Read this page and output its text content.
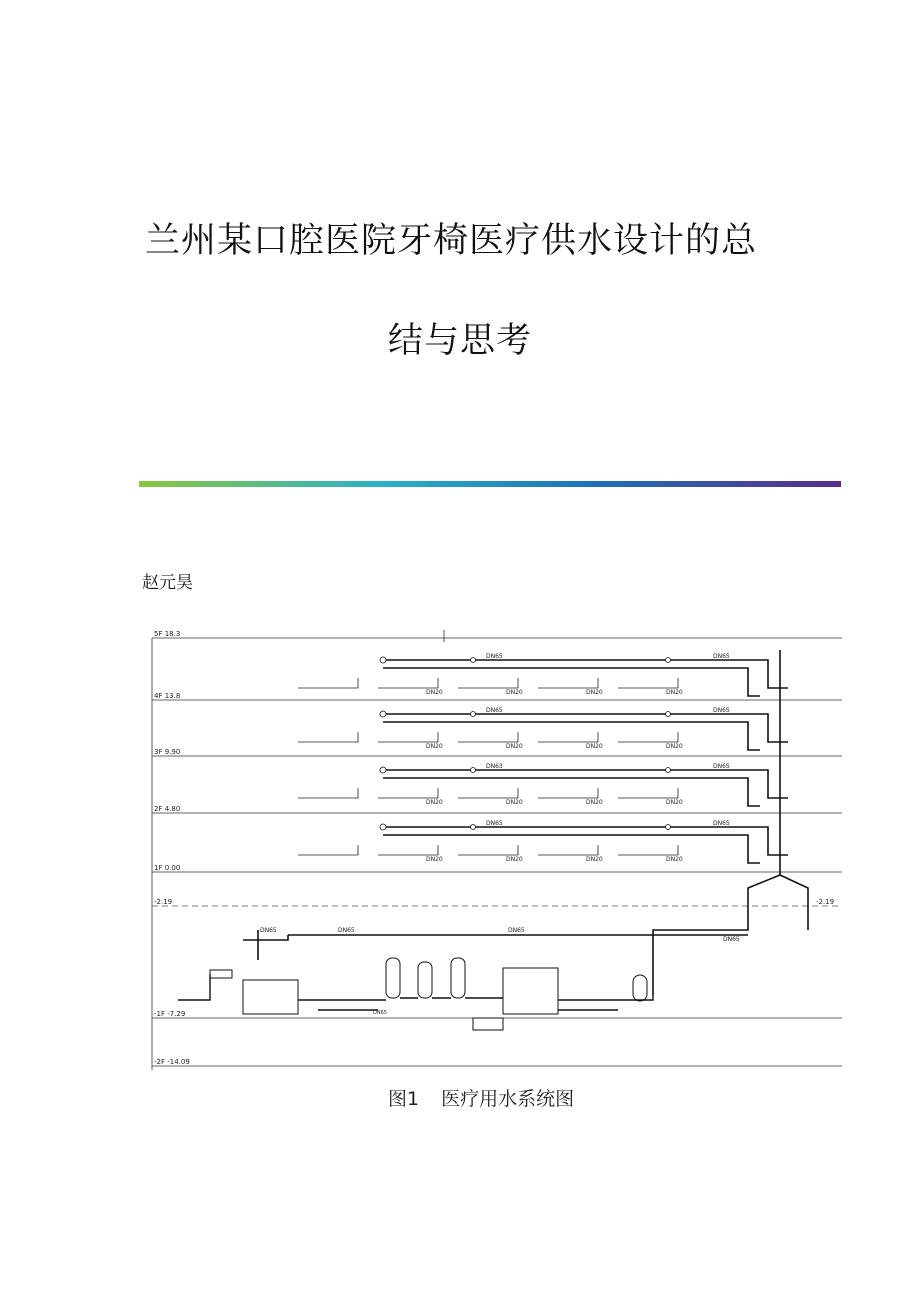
兰州某口腔医院牙椅医疗供水设计的总
结与思考
赵元昊
5F 18.3
4F 13.8
3F 9.90
2F 4.80
1F 0.00
-2.19
-1F -7.29
-2F -14.09
-2.19
DN65	DN65
DN20	DN20	DN20	DN20
DN65	DN65
DN20	DN20	DN20	DN20
DN63	DN65
DN20	DN20	DN20	DN20
DN65	DN65
DN20	DN20	DN20	DN20
DN65	DN65	DN65
DN65
DN65
图1 医疗用水系统图
